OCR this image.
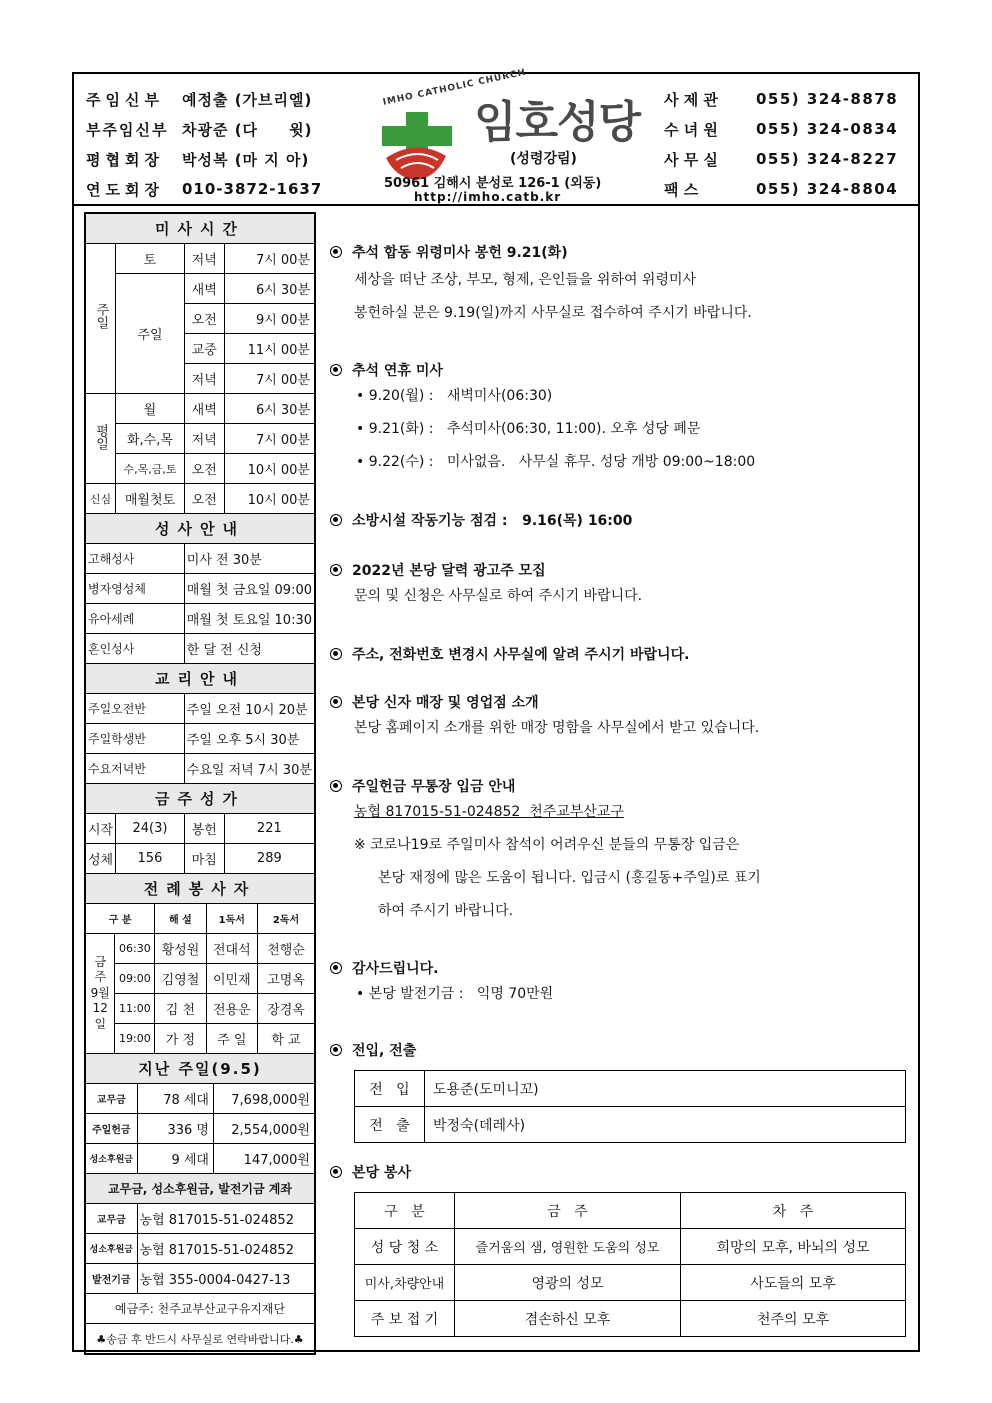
주임신부	예정출 (가브리엘)
부주임신부 차광준 (다     윗)
평협회장	박성복 (마 지 아)
연도회장	010-3872-1637
IMHO CATHOLIC CHURCH
임호성당
(성령강림)
50961 김해시 분성로 126-1 (외동)
http://imho.catb.kr
사 제 관	055) 324-8878
수 녀 원	055) 324-0834
사 무 실	055) 324-8227
팩 스	055) 324-8804
미사시간			
주일	토	저녁	7시 00분
	주일	새벽	6시 30분
		오전	9시 00분
		교중	11시 00분
		저녁	7시 00분
평일	월	새벽	6시 30분
	화,수,목	저녁	7시 00분
	수,목,금,토	오전	10시 00분
신심	매월첫토	오전	10시 00분
성사안내			
고해성사		미사 전 30분	
병자영성체		매월 첫 금요일 09:00	
유아세례		매월 첫 토요일 10:30	
혼인성사		한 달 전 신청	
교리안내			
주일오전반		주일 오전 10시 20분	
주일학생반		주일 오후 5시 30분	
수요저녁반		수요일 저녁 7시 30분	
금주성가			
시작	24(3)	봉헌	221
성체	156	마침	289
전례봉사자			
구 분		해 설	1독서	2독서
금주 9월 12일	06:30	황성원	전대석	천행순
	09:00	김영철	이민재	고명옥
	11:00	김 천	전용운	장경옥
	19:00	가 정	주 일	학 교
지난 주일(9.5)				
교무금	78 세대	7,698,000원
주일헌금	336 명	2,554,000원
성소후원금	9 세대	147,000원
교무금, 성소후원금, 발전기금 계좌		
교무금	농협 817015-51-024852	
성소후원금	농협 817015-51-024852	
발전기금	농협 355-0004-0427-13	
예금주: 천주교부산교구유지재단		
♣송금 후 반드시 사무실로 연락바랍니다.♣		
추석 합동 위령미사 봉헌 9.21(화)
세상을 떠난 조상, 부모, 형제, 은인들을 위하여 위령미사
봉헌하실 분은 9.19(일)까지 사무실로 접수하여 주시기 바랍니다.
추석 연휴 미사
• 9.20(월) :   새벽미사(06:30)
• 9.21(화) :   추석미사(06:30, 11:00). 오후 성당 폐문
• 9.22(수) :   미사없음.   사무실 휴무. 성당 개방 09:00~18:00
소방시설 작동기능 점검 :   9.16(목) 16:00
2022년 본당 달력 광고주 모집
문의 및 신청은 사무실로 하여 주시기 바랍니다.
주소, 전화번호 변경시 사무실에 알려 주시기 바랍니다.
본당 신자 매장 및 영업점 소개
본당 홈페이지 소개를 위한 매장 명함을 사무실에서 받고 있습니다.
주일헌금 무통장 입금 안내
농협 817015-51-024852  천주교부산교구
※ 코로나19로 주일미사 참석이 어려우신 분들의 무통장 입금은
본당 재정에 많은 도움이 됩니다. 입금시 (홍길동+주일)로 표기
하여 주시기 바랍니다.
감사드립니다.
• 본당 발전기금 :   익명 70만원
전입, 전출
전   입	도용준(도미니꼬)
전   출	박정숙(데레사)
본당 봉사
구   분	금   주	차   주
성 당 청 소	즐거움의 샘, 영원한 도움의 성모	희망의 모후, 바뇌의 성모
미사,차량안내	영광의 성모	사도들의 모후
주 보 접 기	겸손하신 모후	천주의 모후
